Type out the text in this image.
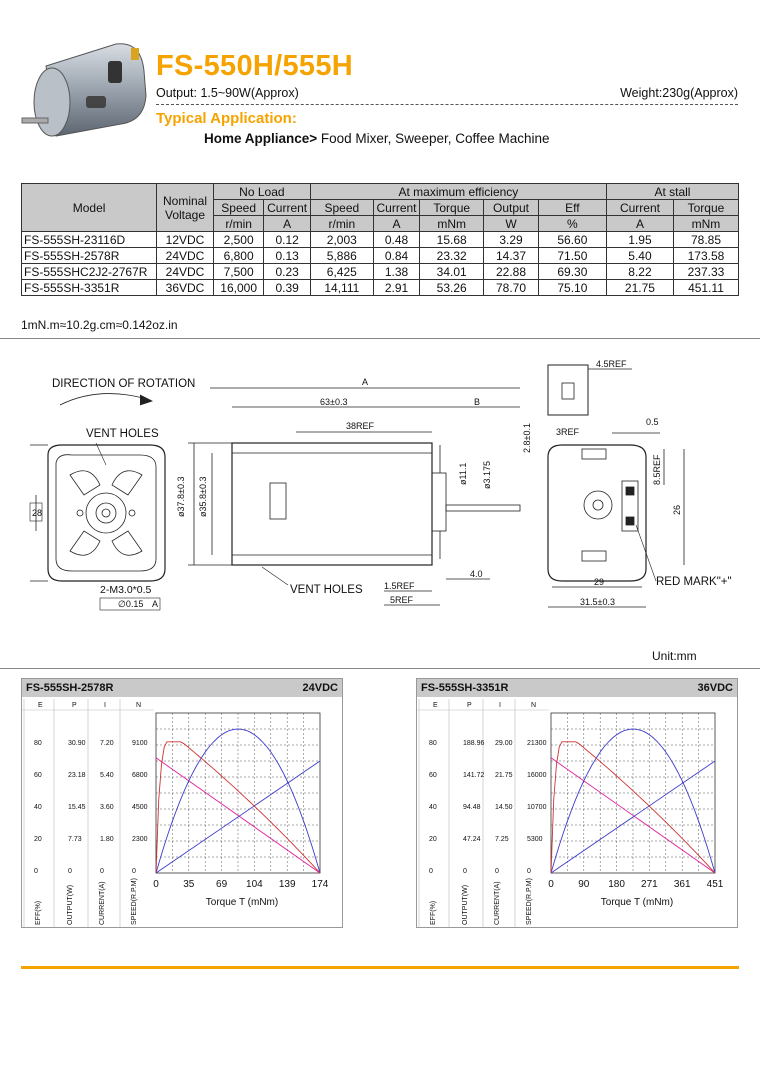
FS-550H/555H
Output: 1.5~90W(Approx)	Weight:230g(Approx)
Typical Application:
Home Appliance> Food Mixer, Sweeper, Coffee Machine
Model	Nominal Voltage	No Load		At maximum efficiency					At stall	
		Speed	Current	Speed	Current	Torque	Output	Eff	Current	Torque
		r/min	A	r/min	A	mNm	W	%	A	mNm
FS-555SH-23116D	12VDC	2,500	0.12	2,003	0.48	15.68	3.29	56.60	1.95	78.85
FS-555SH-2578R	24VDC	6,800	0.13	5,886	0.84	23.32	14.37	71.50	5.40	173.58
FS-555SHC2J2-2767R	24VDC	7,500	0.23	6,425	1.38	34.01	22.88	69.30	8.22	237.33
FS-555SH-3351R	36VDC	16,000	0.39	14,111	2.91	53.26	78.70	75.10	21.75	451.11
1mN.m≈10.2g.cm≈0.142oz.in
DIRECTION OF ROTATION
VENT HOLES
28
2-M3.0*0.5
∅0.15 A
A
63±0.3	B
38REF
ø37.8±0.3 ø35.8±0.3
ø11.1 ø3.175
VENT HOLES 1.5REF
5REF
4.0
4.5REF
2.8±0.1	3REF
0.5
8.5REF
26
RED MARK"+"
29
31.5±0.3
Unit:mm
FS-555SH-2578R	24VDC
E	P	I	N
80	30.90 7.20	9100
60	23.18 5.40	6800
40	15.45 3.60	4500
20	7.73	1.80	2300
0	0	0	0
0 35 69 104 139 174
Torque T (mNm)
EFF(%)	OUTPUT(W)	CURRENT(A)	SPEED(R.P.M)
FS-555SH-3351R	36VDC
E	P	I	N
80	188.96 29.00 21300
60	141.72 21.75 16000
40	94.48 14.50 10700
20	47.24 7.25	5300
0	0	0	0
0 90 180 271 361 451
Torque T (mNm)
EFF(%)	OUTPUT(W)	CURRENT(A)	SPEED(R.P.M)
